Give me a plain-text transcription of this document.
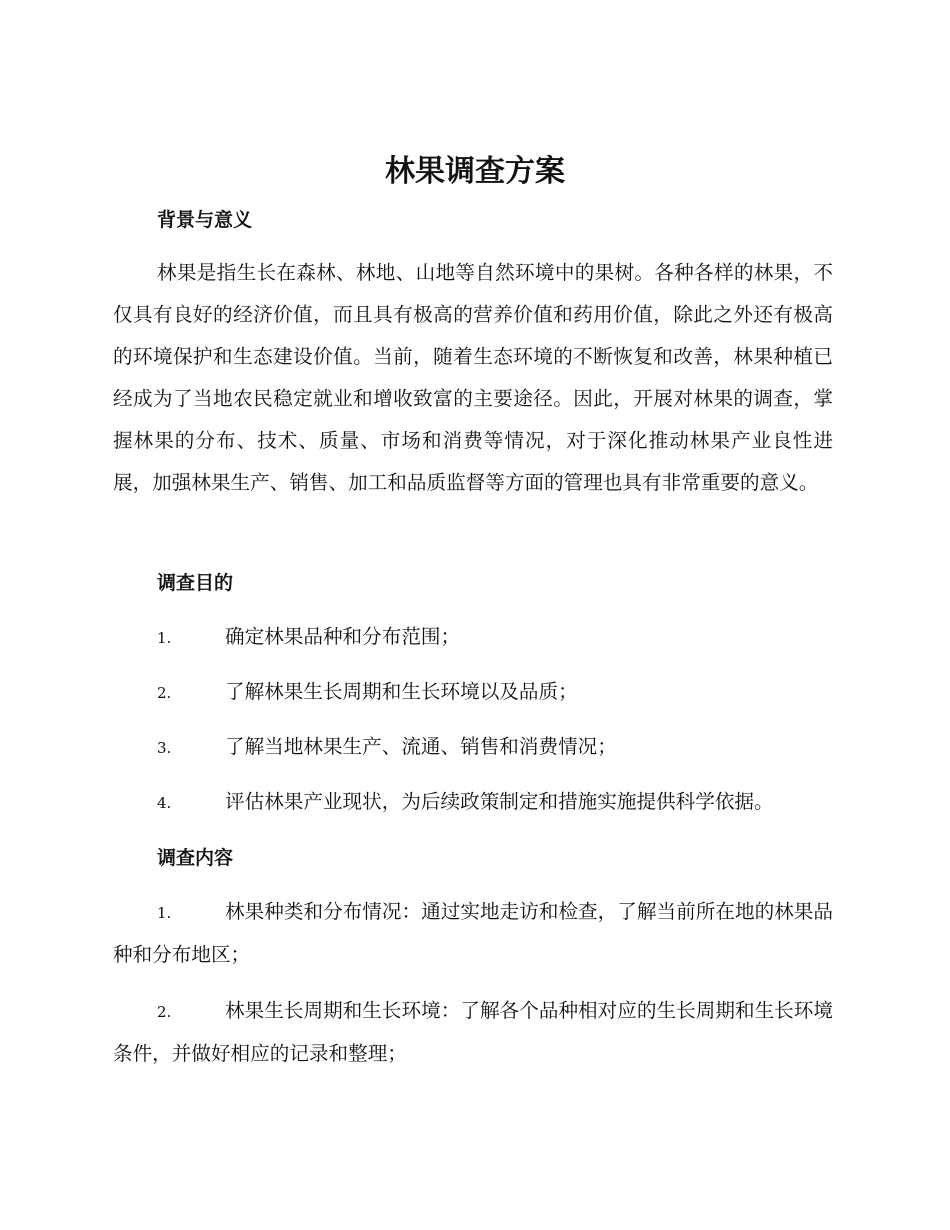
林果调查方案
背景与意义

林果是指生长在森林、林地、山地等自然环境中的果树。各种各样的林果，不仅具有良好的经济价值，而且具有极高的营养价值和药用价值，除此之外还有极高的环境保护和生态建设价值。当前，随着生态环境的不断恢复和改善，林果种植已经成为了当地农民稳定就业和增收致富的主要途径。因此，开展对林果的调查，掌握林果的分布、技术、质量、市场和消费等情况，对于深化推动林果产业良性进展，加强林果生产、销售、加工和品质监督等方面的管理也具有非常重要的意义。

调查目的

1.	确定林果品种和分布范围；

2.	了解林果生长周期和生长环境以及品质；

3.	了解当地林果生产、流通、销售和消费情况；

4.	评估林果产业现状，为后续政策制定和措施实施提供科学依据。

调查内容

1.	林果种类和分布情况：通过实地走访和检查，了解当前所在地的林果品种和分布地区；

2.	林果生长周期和生长环境：了解各个品种相对应的生长周期和生长环境条件，并做好相应的记录和整理；
